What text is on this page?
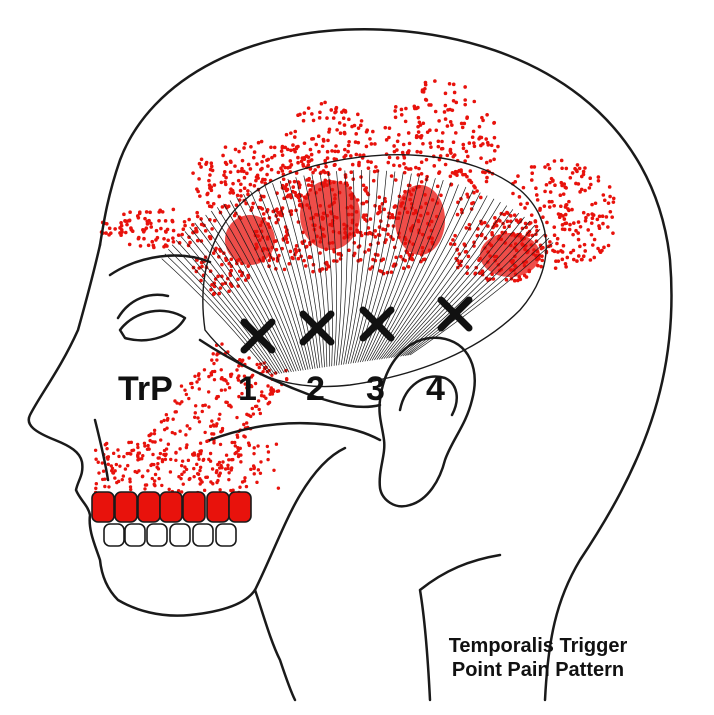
TrP 1 2 3 4
Temporalis Trigger
Point Pain Pattern
